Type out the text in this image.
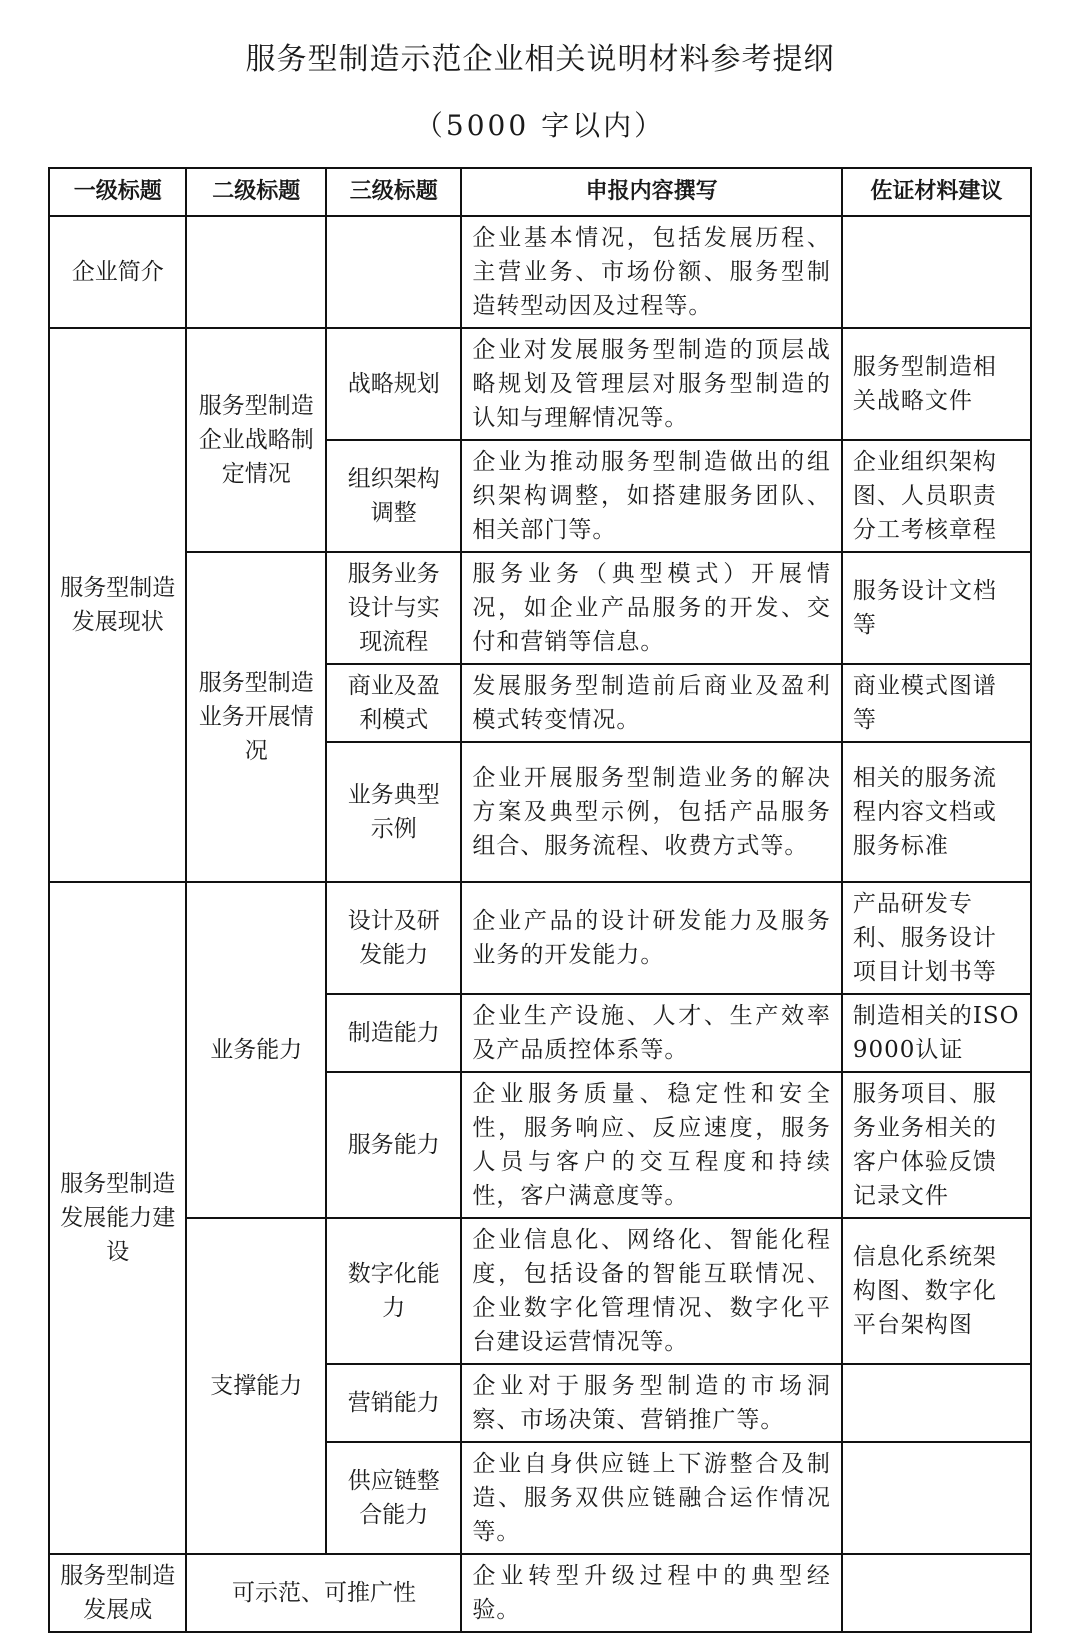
服务型制造示范企业相关说明材料参考提纲
（5000 字以内）
一级标题	二级标题	三级标题	申报内容撰写	佐证材料建议
企业简介			企业基本情况，包括发展历程、主营业务、市场份额、服务型制造转型动因及过程等。	
服务型制造发展现状	服务型制造企业战略制定情况	战略规划	企业对发展服务型制造的顶层战略规划及管理层对服务型制造的认知与理解情况等。	服务型制造相关战略文件
		组织架构调整	企业为推动服务型制造做出的组织架构调整，如搭建服务团队、相关部门等。	企业组织架构图、人员职责分工考核章程
	服务型制造业务开展情况	服务业务设计与实现流程	服务业务（典型模式）开展情况，如企业产品服务的开发、交付和营销等信息。	服务设计文档等
		商业及盈利模式	发展服务型制造前后商业及盈利模式转变情况。	商业模式图谱等
		业务典型示例	企业开展服务型制造业务的解决方案及典型示例，包括产品服务组合、服务流程、收费方式等。	相关的服务流程内容文档或服务标准
服务型制造发展能力建设	业务能力	设计及研发能力	企业产品的设计研发能力及服务业务的开发能力。	产品研发专利、服务设计项目计划书等
		制造能力	企业生产设施、人才、生产效率及产品质控体系等。	制造相关的ISO9000认证
		服务能力	企业服务质量、稳定性和安全性，服务响应、反应速度，服务人员与客户的交互程度和持续性，客户满意度等。	服务项目、服务业务相关的客户体验反馈记录文件
	支撑能力	数字化能力	企业信息化、网络化、智能化程度，包括设备的智能互联情况、企业数字化管理情况、数字化平台建设运营情况等。	信息化系统架构图、数字化平台架构图
		营销能力	企业对于服务型制造的市场洞察、市场决策、营销推广等。	
		供应链整合能力	企业自身供应链上下游整合及制造、服务双供应链融合运作情况等。	
服务型制造发展成	可示范、可推广性		企业转型升级过程中的典型经验。	
